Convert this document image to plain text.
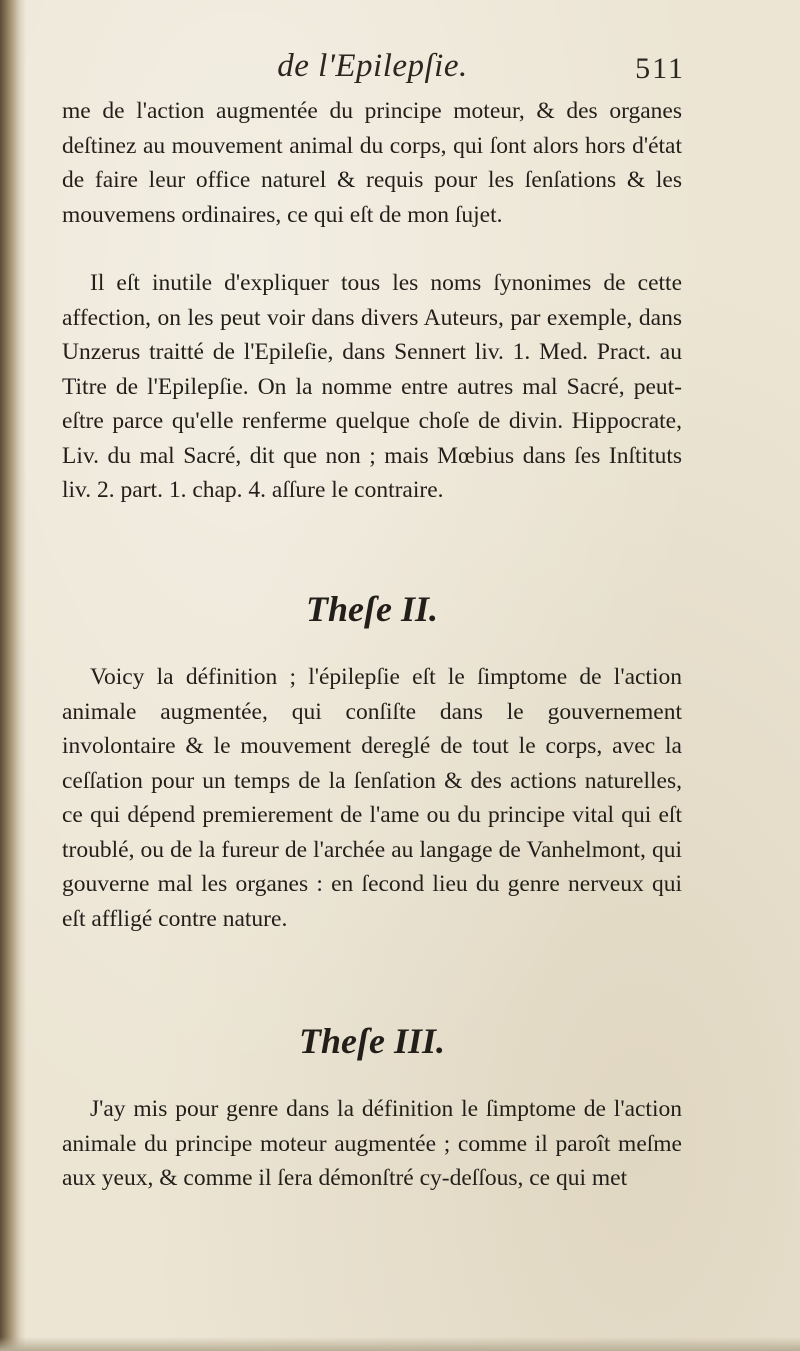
de l'Epilepſie.	511

me de l'action augmentée du principe moteur, & des organes deſtinez au mouvement animal du corps, qui ſont alors hors d'état de faire leur office naturel & requis pour les ſenſations & les mouvemens ordinaires, ce qui eſt de mon ſujet.

Il eſt inutile d'expliquer tous les noms ſynonimes de cette affection, on les peut voir dans divers Auteurs, par exemple, dans Unzerus traitté de l'Epileſie, dans Sennert liv. 1. Med. Pract. au Titre de l'Epilepſie. On la nomme entre autres mal Sacré, peut-eſtre parce qu'elle renferme quelque choſe de divin. Hippocrate, Liv. du mal Sacré, dit que non ; mais Mœbius dans ſes Inſtituts liv. 2. part. 1. chap. 4. aſſure le contraire.

Theſe II.

Voicy la définition ; l'épilepſie eſt le ſimptome de l'action animale augmentée, qui conſiſte dans le gouvernement involontaire & le mouvement dereglé de tout le corps, avec la ceſſation pour un temps de la ſenſation & des actions naturelles, ce qui dépend premierement de l'ame ou du principe vital qui eſt troublé, ou de la fureur de l'archée au langage de Vanhelmont, qui gouverne mal les organes : en ſecond lieu du genre nerveux qui eſt affligé contre nature.

Theſe III.

J'ay mis pour genre dans la définition le ſimptome de l'action animale du principe moteur augmentée ; comme il paroît meſme aux yeux, & comme il ſera démonſtré cy-deſſous, ce qui met
